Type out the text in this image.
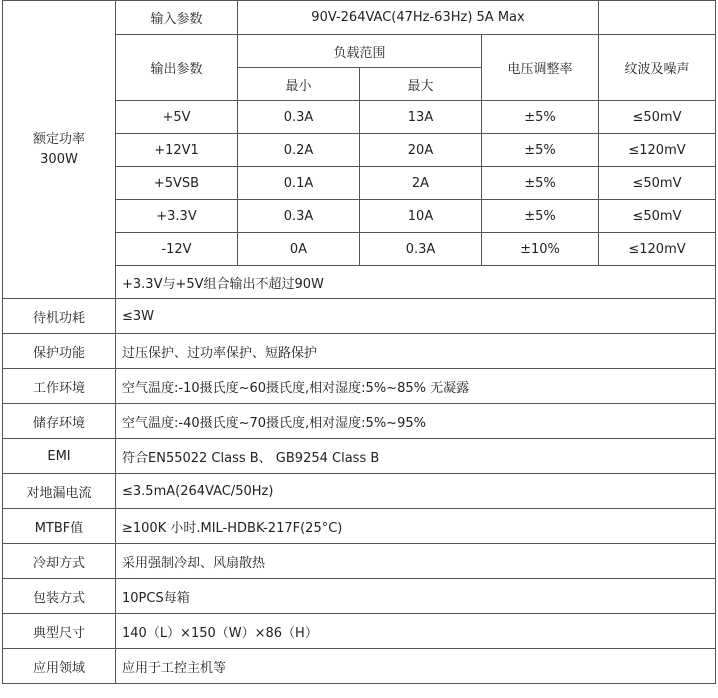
额定功率
300W	输入参数	90V-264VAC(47Hz-63Hz) 5A Max			
	输出参数	负载范围		电压调整率	纹波及噪声
		最小	最大		
	+5V	0.3A	13A	±5%	≤50mV
	+12V1	0.2A	20A	±5%	≤120mV
	+5VSB	0.1A	2A	±5%	≤50mV
	+3.3V	0.3A	10A	±5%	≤50mV
	-12V	0A	0.3A	±10%	≤120mV
	+3.3V与+5V组合输出不超过90W				
待机功耗	≤3W				
保护功能	过压保护、过功率保护、短路保护				
工作环境	空气温度:-10摄氏度~60摄氏度,相对湿度:5%~85% 无凝露				
储存环境	空气温度:-40摄氏度~70摄氏度,相对湿度:5%~95%				
EMI	符合EN55022 Class B、 GB9254 Class B				
对地漏电流	≤3.5mA(264VAC/50Hz)				
MTBF值	≥100K 小时.MIL-HDBK-217F(25°C)				
冷却方式	采用强制冷却、风扇散热				
包装方式	10PCS每箱				
典型尺寸	140（L）×150（W）×86（H）				
应用领域	应用于工控主机等				
